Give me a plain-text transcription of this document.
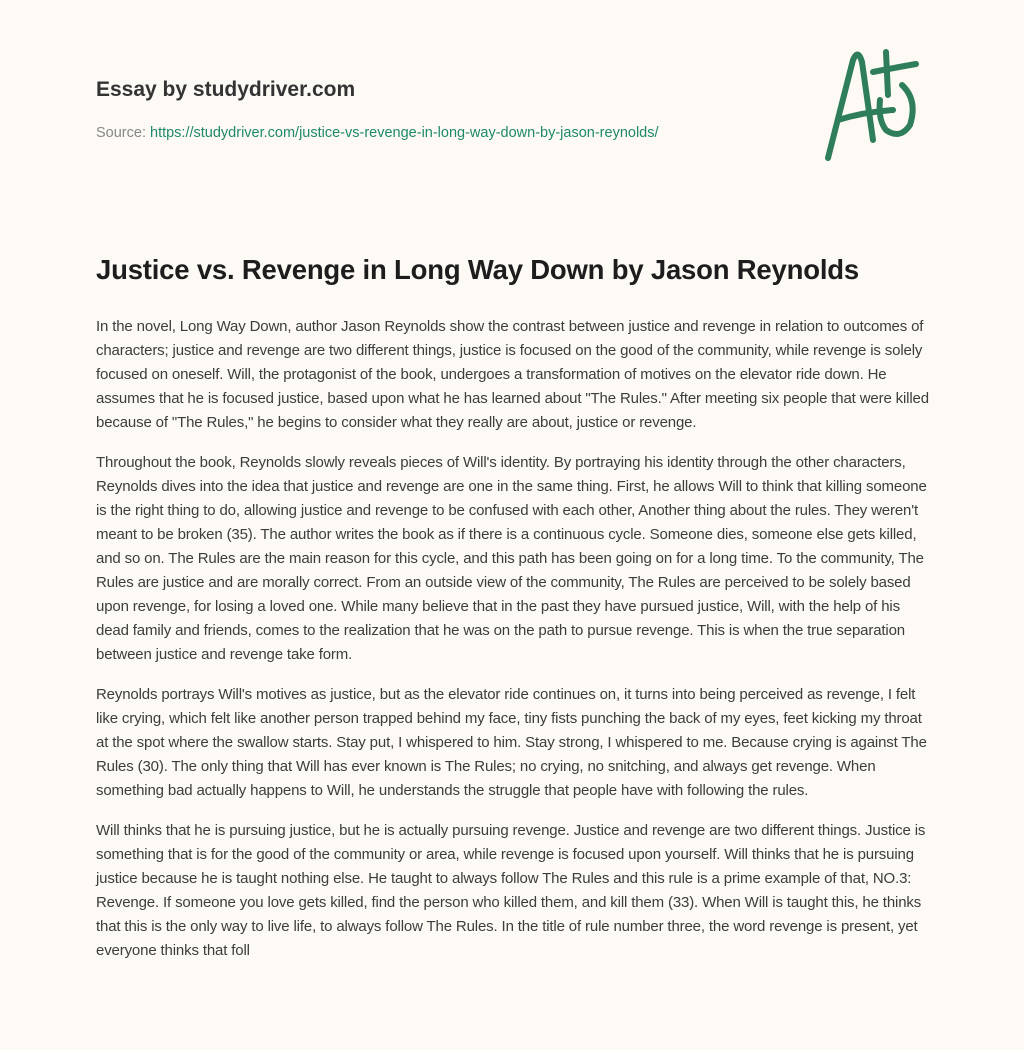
Essay by studydriver.com

Source: https://studydriver.com/justice-vs-revenge-in-long-way-down-by-jason-reynolds/
Justice vs. Revenge in Long Way Down by Jason Reynolds

In the novel, Long Way Down, author Jason Reynolds show the contrast between justice and revenge in relation to outcomes of characters; justice and revenge are two different things, justice is focused on the good of the community, while revenge is solely focused on oneself. Will, the protagonist of the book, undergoes a transformation of motives on the elevator ride down. He assumes that he is focused justice, based upon what he has learned about "The Rules." After meeting six people that were killed because of "The Rules," he begins to consider what they really are about, justice or revenge.

Throughout the book, Reynolds slowly reveals pieces of Will's identity. By portraying his identity through the other characters, Reynolds dives into the idea that justice and revenge are one in the same thing. First, he allows Will to think that killing someone is the right thing to do, allowing justice and revenge to be confused with each other, Another thing about the rules. They weren't meant to be broken (35). The author writes the book as if there is a continuous cycle. Someone dies, someone else gets killed, and so on. The Rules are the main reason for this cycle, and this path has been going on for a long time. To the community, The Rules are justice and are morally correct. From an outside view of the community, The Rules are perceived to be solely based upon revenge, for losing a loved one. While many believe that in the past they have pursued justice, Will, with the help of his dead family and friends, comes to the realization that he was on the path to pursue revenge. This is when the true separation between justice and revenge take form.

Reynolds portrays Will's motives as justice, but as the elevator ride continues on, it turns into being perceived as revenge, I felt like crying, which felt like another person trapped behind my face, tiny fists punching the back of my eyes, feet kicking my throat at the spot where the swallow starts. Stay put, I whispered to him. Stay strong, I whispered to me. Because crying is against The Rules (30). The only thing that Will has ever known is The Rules; no crying, no snitching, and always get revenge. When something bad actually happens to Will, he understands the struggle that people have with following the rules.

Will thinks that he is pursuing justice, but he is actually pursuing revenge. Justice and revenge are two different things. Justice is something that is for the good of the community or area, while revenge is focused upon yourself. Will thinks that he is pursuing justice because he is taught nothing else. He taught to always follow The Rules and this rule is a prime example of that, NO.3: Revenge. If someone you love gets killed, find the person who killed them, and kill them (33). When Will is taught this, he thinks that this is the only way to live life, to always follow The Rules. In the title of rule number three, the word revenge is present, yet everyone thinks that foll
